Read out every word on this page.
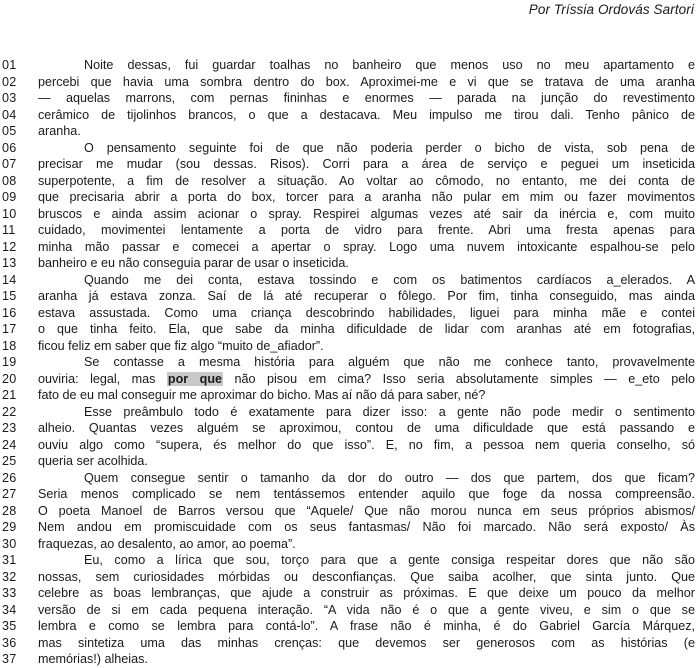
Por Tríssia Ordovás Sartori
01	Noite dessas, fui guardar toalhas no banheiro que menos uso no meu apartamento e
02	percebi que havia uma sombra dentro do box. Aproximei-me e vi que se tratava de uma aranha
03	— aquelas marrons, com pernas fininhas e enormes — parada na junção do revestimento
04	cerâmico de tijolinhos brancos, o que a destacava. Meu impulso me tirou dali. Tenho pânico de
05	aranha.
06	O pensamento seguinte foi de que não poderia perder o bicho de vista, sob pena de
07	precisar me mudar (sou dessas. Risos). Corri para a área de serviço e peguei um inseticida
08	superpotente, a fim de resolver a situação. Ao voltar ao cômodo, no entanto, me dei conta de
09	que precisaria abrir a porta do box, torcer para a aranha não pular em mim ou fazer movimentos
10	bruscos e ainda assim acionar o spray. Respirei algumas vezes até sair da inércia e, com muito
11	cuidado, movimentei lentamente a porta de vidro para frente. Abri uma fresta apenas para
12	minha mão passar e comecei a apertar o spray. Logo uma nuvem intoxicante espalhou-se pelo
13	banheiro e eu não conseguia parar de usar o inseticida.
14	Quando me dei conta, estava tossindo e com os batimentos cardíacos a_elerados. A
15	aranha já estava zonza. Saí de lá até recuperar o fôlego. Por fim, tinha conseguido, mas ainda
16	estava assustada. Como uma criança descobrindo habilidades, liguei para minha mãe e contei
17	o que tinha feito. Ela, que sabe da minha dificuldade de lidar com aranhas até em fotografias,
18	ficou feliz em saber que fiz algo “muito de_afiador”.
19	Se contasse a mesma história para alguém que não me conhece tanto, provavelmente
20	ouviria: legal, mas por que não pisou em cima? Isso seria absolutamente simples — e_eto pelo
21	fato de eu mal conseguir me aproximar do bicho. Mas aí não dá para saber, né?
22	Esse preâmbulo todo é exatamente para dizer isso: a gente não pode medir o sentimento
23	alheio. Quantas vezes alguém se aproximou, contou de uma dificuldade que está passando e
24	ouviu algo como “supera, és melhor do que isso”. E, no fim, a pessoa nem queria conselho, só
25	queria ser acolhida.
26	Quem consegue sentir o tamanho da dor do outro — dos que partem, dos que ficam?
27	Seria menos complicado se nem tentássemos entender aquilo que foge da nossa compreensão.
28	O poeta Manoel de Barros versou que “Aquele/ Que não morou nunca em seus próprios abismos/
29	Nem andou em promiscuidade com os seus fantasmas/ Não foi marcado. Não será exposto/ Às
30	fraquezas, ao desalento, ao amor, ao poema”.
31	Eu, como a lírica que sou, torço para que a gente consiga respeitar dores que não são
32	nossas, sem curiosidades mórbidas ou desconfianças. Que saiba acolher, que sinta junto. Que
33	celebre as boas lembranças, que ajude a construir as próximas. E que deixe um pouco da melhor
34	versão de si em cada pequena interação. “A vida não é o que a gente viveu, e sim o que se
35	lembra e como se lembra para contá-lo”. A frase não é minha, é do Gabriel García Márquez,
36	mas sintetiza uma das minhas crenças: que devemos ser generosos com as histórias (e
37	memórias!) alheias.
